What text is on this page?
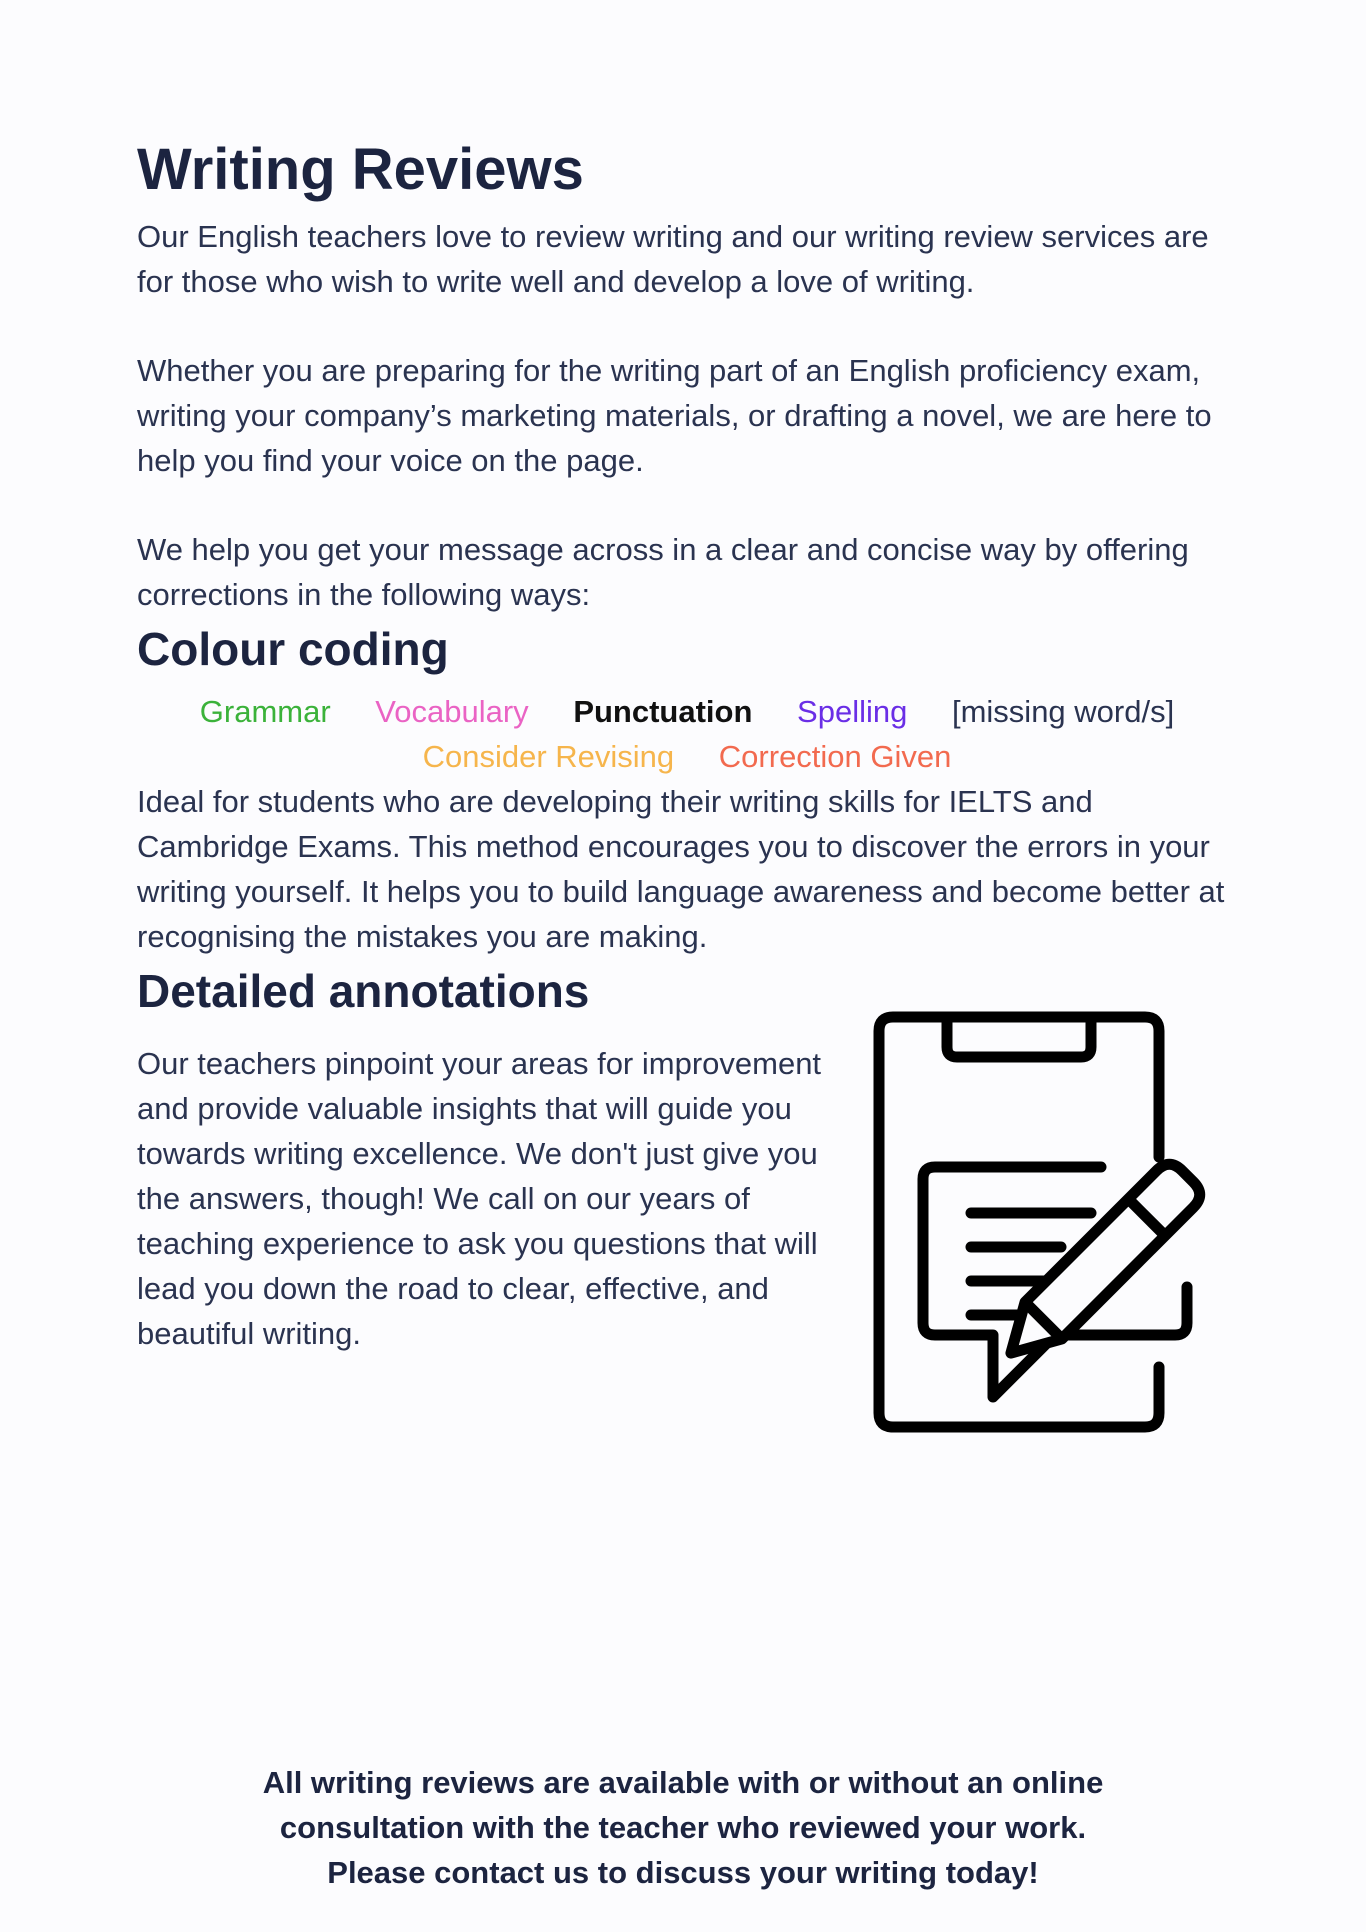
Writing Reviews

Our English teachers love to review writing and our writing review services are for those who wish to write well and develop a love of writing.

Whether you are preparing for the writing part of an English proficiency exam, writing your company’s marketing materials, or drafting a novel, we are here to help you find your voice on the page.

We help you get your message across in a clear and concise way by offering corrections in the following ways:

Colour coding
Grammar Vocabulary Punctuation Spelling [missing word/s]
Consider Revising Correction Given

Ideal for students who are developing their writing skills for IELTS and Cambridge Exams. This method encourages you to discover the errors in your writing yourself. It helps you to build language awareness and become better at recognising the mistakes you are making.

Detailed annotations

Our teachers pinpoint your areas for improvement and provide valuable insights that will guide you towards writing excellence. We don't just give you the answers, though! We call on our years of teaching experience to ask you questions that will lead you down the road to clear, effective, and beautiful writing.

All writing reviews are available with or without an online
consultation with the teacher who reviewed your work.
Please contact us to discuss your writing today!
